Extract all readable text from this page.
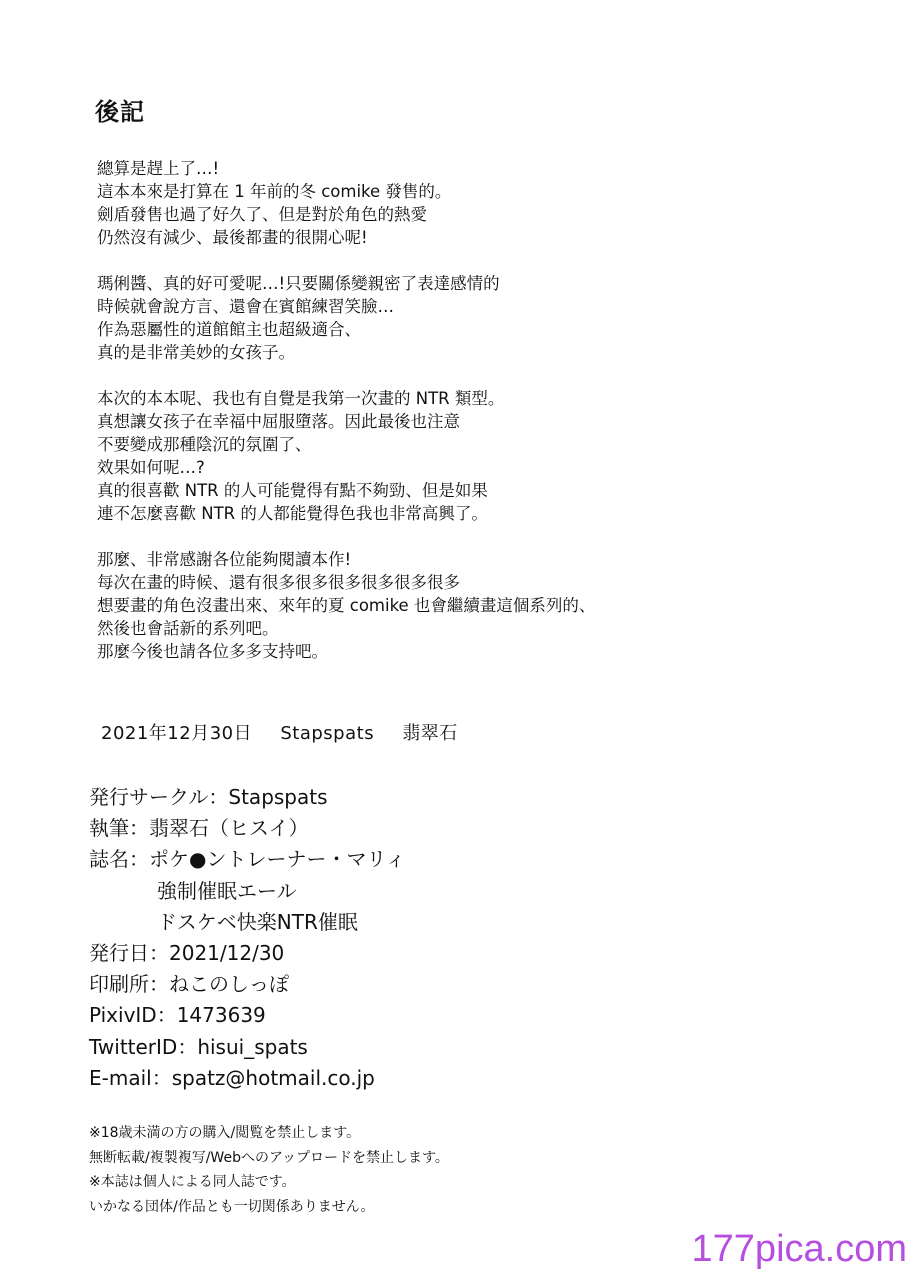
後記
總算是趕上了…!
這本本來是打算在 1 年前的冬 comike 發售的。
劍盾發售也過了好久了、但是對於角色的熱愛
仍然沒有減少、最後都畫的很開心呢!
瑪俐醬、真的好可愛呢…!只要關係變親密了表達感情的
時候就會說方言、還會在賓館練習笑臉…
作為惡屬性的道館館主也超級適合、
真的是非常美妙的女孩子。
本次的本本呢、我也有自覺是我第一次畫的 NTR 類型。
真想讓女孩子在幸福中屈服墮落。因此最後也注意
不要變成那種陰沉的氛圍了、
效果如何呢…?
真的很喜歡 NTR 的人可能覺得有點不夠勁、但是如果
連不怎麼喜歡 NTR 的人都能覺得色我也非常高興了。
那麼、非常感謝各位能夠閱讀本作!
每次在畫的時候、還有很多很多很多很多很多很多
想要畫的角色沒畫出來、來年的夏 comike 也會繼續畫這個系列的、
然後也會話新的系列吧。
那麼今後也請各位多多支持吧。
2021年12月30日 Stapspats 翡翠石
発行サークル：Stapspats
執筆：翡翠石（ヒスイ）
誌名：ポケ●ントレーナー・マリィ
強制催眠エール
ドスケベ快楽NTR催眠
発行日：2021/12/30
印刷所：ねこのしっぽ
PixivID：1473639
TwitterID：hisui_spats
E-mail：spatz@hotmail.co.jp
※18歳未満の方の購入/閲覧を禁止します。
無断転載/複製複写/Webへのアップロードを禁止します。
※本誌は個人による同人誌です。
いかなる団体/作品とも一切関係ありません。
177pica.com
